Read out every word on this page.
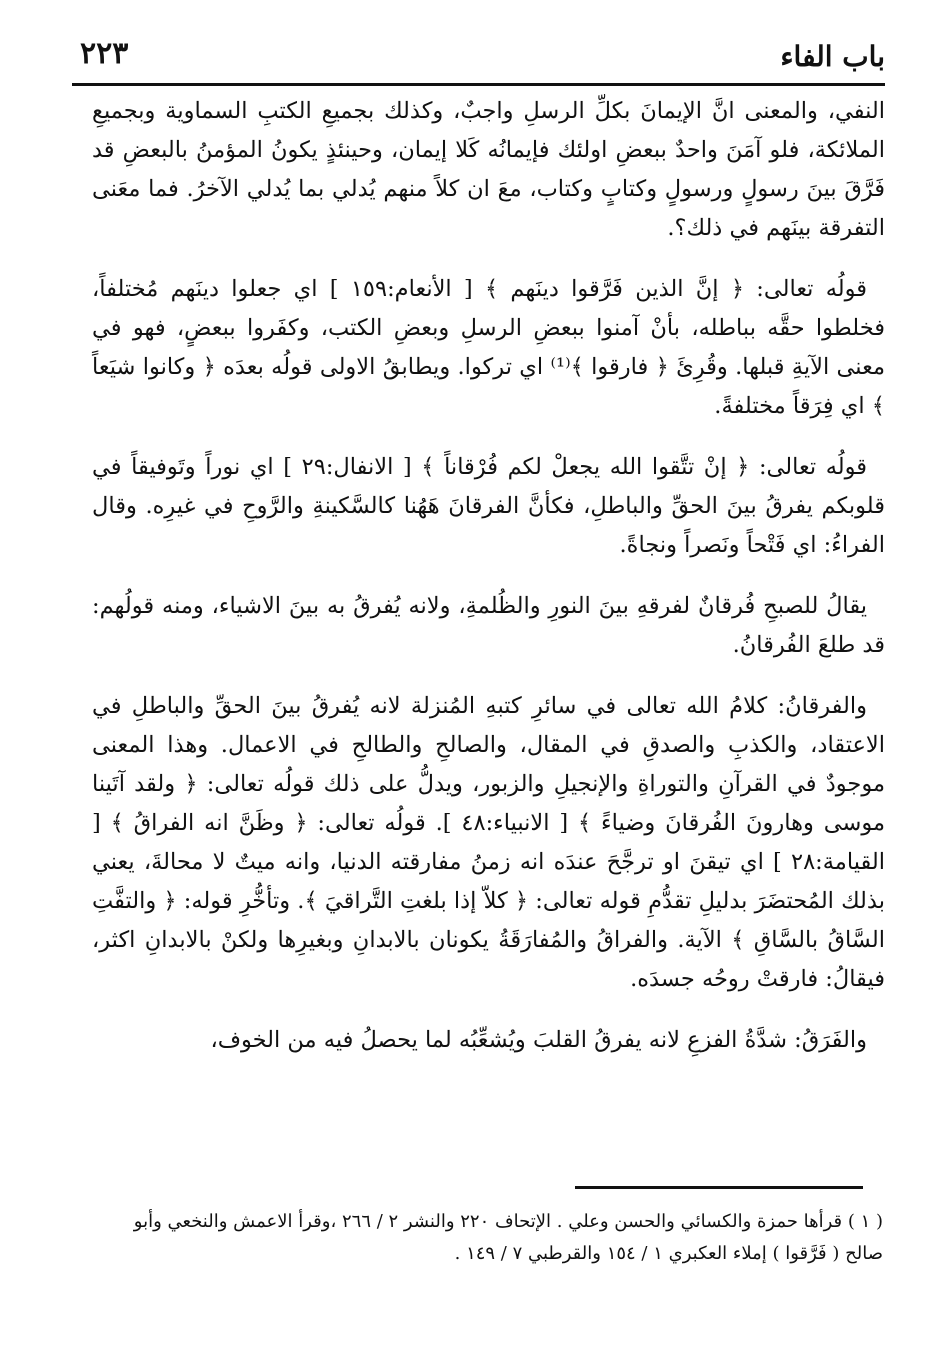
باب الفاء
٢٢٣

النفي، والمعنى انَّ الإيمانَ بكلِّ الرسلِ واجبٌ، وكذلك بجميعِ الكتبِ السماوية وبجميعِ الملائكة، فلو آمَنَ واحدٌ ببعضِ اولئك فإيمانُه كَلا إيمان، وحينئذٍ يكونُ المؤمنُ بالبعضِ قد فَرَّقَ بينَ رسولٍ ورسولٍ وكتابٍ وكتاب، معَ ان كلاً منهم يُدلي بما يُدلي الآخرُ. فما معَنى التفرقة بينَهم في ذلك؟.

قولُه تعالى: ﴿ إنَّ الذين فَرَّقوا دينَهم ﴾ [ الأنعام:١٥٩ ] اي جعلوا دينَهم مُختلفاً، فخلطوا حقَّه بباطله، بأنْ آمنوا ببعضِ الرسلِ وبعضِ الكتب، وكفَروا ببعضٍ، فهو في معنى الآيةِ قبلها. وقُرِئَ ﴿ فارقوا ﴾⁽¹⁾ اي تركوا. ويطابقُ الاولى قولُه بعدَه ﴿ وكانوا شيَعاً ﴾ اي فِرَقاً مختلفةً.

قولُه تعالى: ﴿ إنْ تتَّقوا الله يجعلْ لكم فُرْقاناً ﴾ [ الانفال:٢٩ ] اي نوراً وتَوفيقاً في قلوبكم يفرقُ بينَ الحقِّ والباطلِ، فكأنَّ الفرقانَ هَهُنا كالسَّكينةِ والرَّوحِ في غيرِه. وقال الفراءُ: اي فَتْحاً ونَصراً ونجاةً.

يقالُ للصبحِ فُرقانٌ لفرقهِ بينَ النورِ والظُلمةِ، ولانه يُفرقُ به بينَ الاشياء، ومنه قولُهم: قد طلعَ الفُرقانُ.

والفرقانُ: كلامُ الله تعالى في سائرِ كتبهِ المُنزلة لانه يُفرقُ بينَ الحقِّ والباطلِ في الاعتقاد، والكذبِ والصدقِ في المقال، والصالحِ والطالحِ في الاعمال. وهذا المعنى موجودٌ في القرآنِ والتوراةِ والإنجيلِ والزبور، ويدلُّ على ذلك قولُه تعالى: ﴿ ولقد آتَينا موسى وهارونَ الفُرقانَ وضياءً ﴾ [ الانبياء:٤٨ ]. قولُه تعالى: ﴿ وظَنَّ انه الفراقُ ﴾ [ القيامة:٢٨ ] اي تيقنَ او ترجَّحَ عندَه انه زمنُ مفارقته الدنيا، وانه ميتٌ لا محالةَ، يعني بذلك المُحتضَرَ بدليلِ تقدُّمِ قوله تعالى: ﴿ كلاّ إذا بلغتِ التَّراقيَ ﴾. وتأخُّرِ قوله: ﴿ والتفَّتِ السَّاقُ بالسَّاقِ ﴾ الآية. والفراقُ والمُفارَقَةُ يكونان بالابدانِ وبغيرِها ولكنْ بالابدانِ اكثر، فيقالُ: فارقتْ روحُه جسدَه.

والفَرَقُ: شدَّةُ الفزعِ لانه يفرقُ القلبَ ويُشعِّبُه لما يحصلُ فيه من الخوف،

( ١ ) قرأها حمزة والكسائي والحسن وعلي . الإتحاف ٢٢٠ والنشر ٢ / ٢٦٦ ،وقرأ الاعمش والنخعي وأبو صالح ( فَرَّقوا ) إملاء العكبري ١ / ١٥٤ والقرطبي ٧ / ١٤٩ .
